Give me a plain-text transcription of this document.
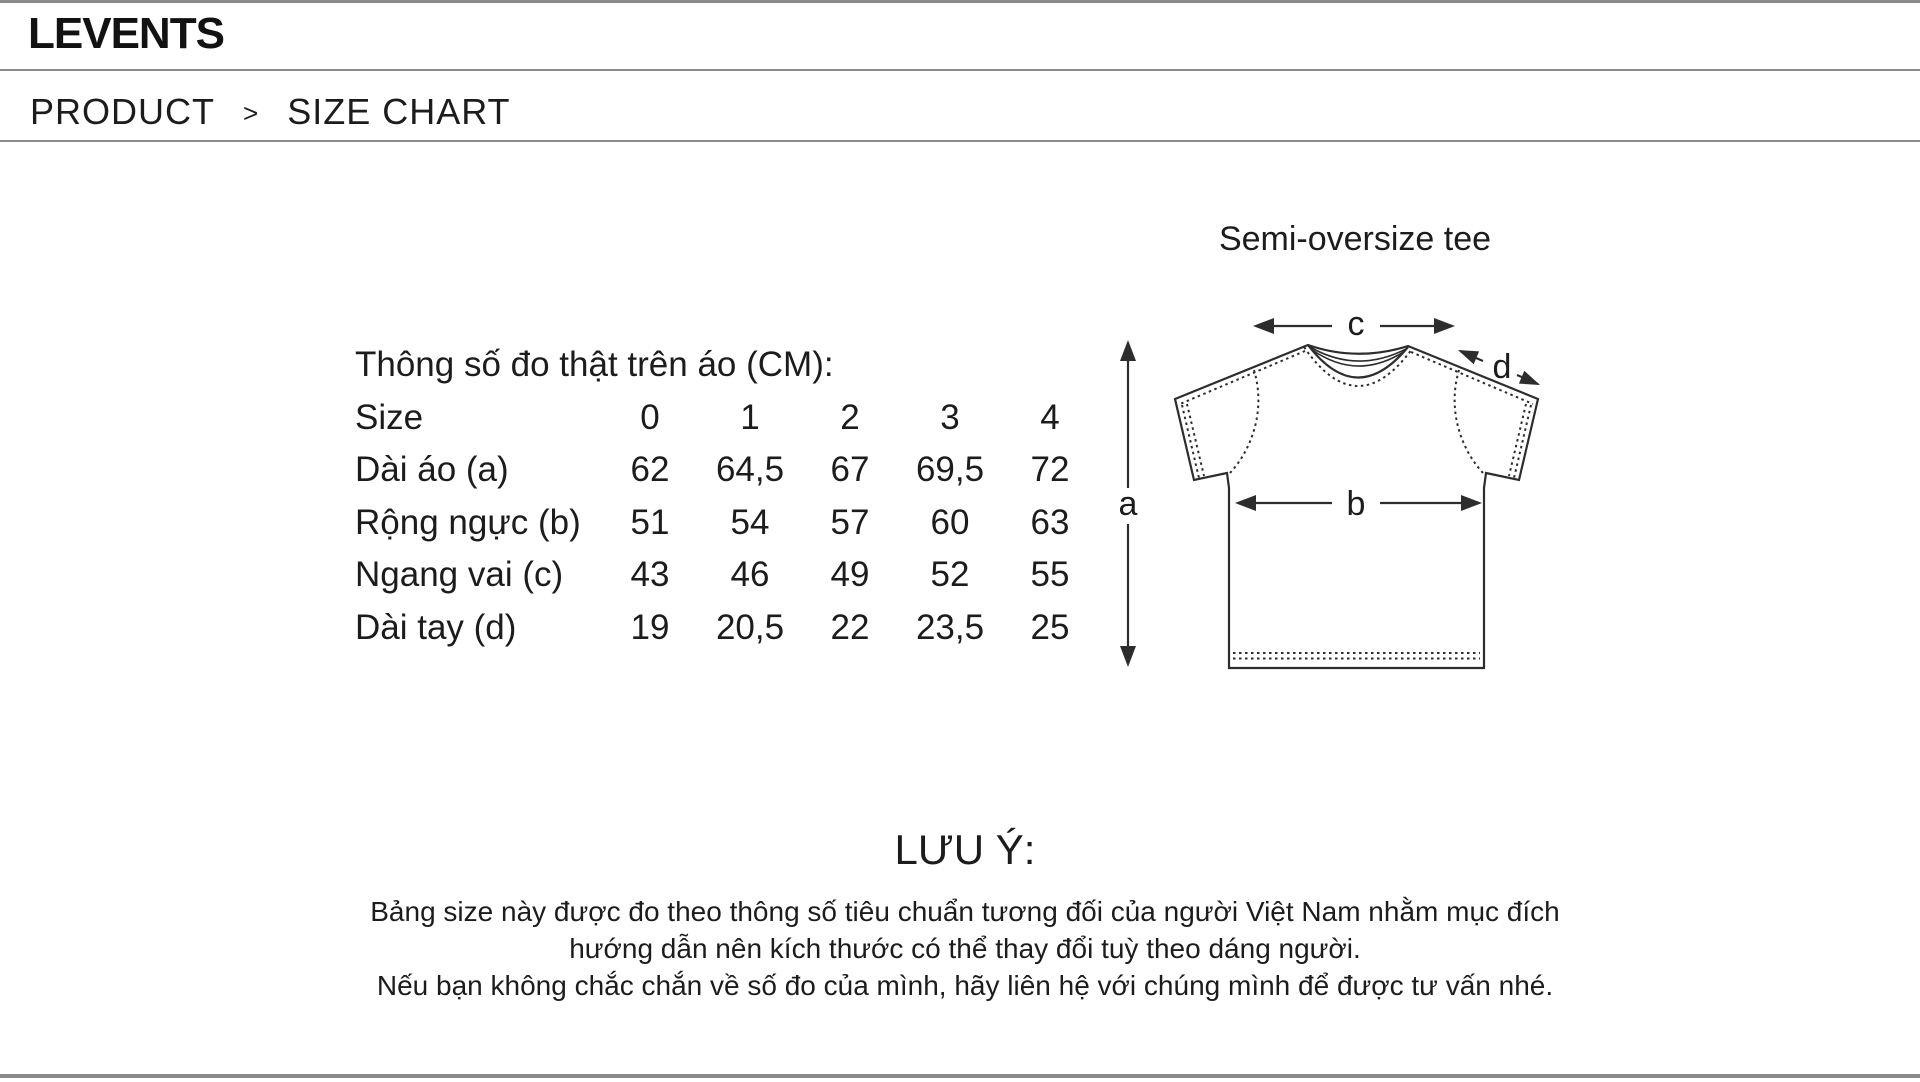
LEVENTS
PRODUCT > SIZE CHART
Thông số đo thật trên áo (CM):
Size	0	1	2	3	4
Dài áo (a)	62	64,5	67	69,5	72
Rộng ngực (b)	51	54	57	60	63
Ngang vai (c)	43	46	49	52	55
Dài tay (d)	19	20,5	22	23,5	25
Semi-oversize tee
c
a	b
d
LƯU Ý:
Bảng size này được đo theo thông số tiêu chuẩn tương đối của người Việt Nam nhằm mục đích
hướng dẫn nên kích thước có thể thay đổi tuỳ theo dáng người.
Nếu bạn không chắc chắn về số đo của mình, hãy liên hệ với chúng mình để được tư vấn nhé.
